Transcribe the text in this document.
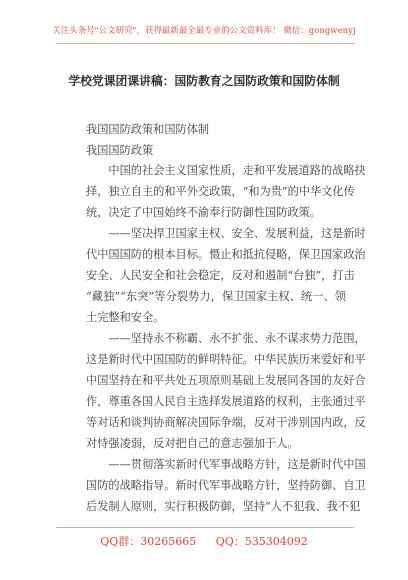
关注头条号"公文研究"，获得最新最全最专业的公文资料库！ 微信：gongwenyj
学校党课团课讲稿：国防教育之国防政策和国防体制
我国国防政策和国防体制
我国国防政策
　　中国的社会主义国家性质，走和平发展道路的战略抉
择，独立自主的和平外交政策，“和为贵”的中华文化传
统，决定了中国始终不渝奉行防御性国防政策。
　　——坚决捍卫国家主权、安全、发展利益，这是新时
代中国国防的根本目标。慑止和抵抗侵略，保卫国家政治
安全、人民安全和社会稳定，反对和遏制“台独”，打击
“藏独”“东突”等分裂势力，保卫国家主权、统一、领
土完整和安全。
　　——坚持永不称霸、永不扩张、永不谋求势力范围，
这是新时代中国国防的鲜明特征。中华民族历来爱好和平
中国坚持在和平共处五项原则基础上发展同各国的友好合
作，尊重各国人民自主选择发展道路的权利，主张通过平
等对话和谈判协商解决国际争端，反对干涉别国内政，反
对恃强凌弱，反对把自己的意志强加于人。
　　——贯彻落实新时代军事战略方针，这是新时代中国
国防的战略指导。新时代军事战略方针，坚持防御、自卫
后发制人原则，实行积极防御，坚持“人不犯我、我不犯
QQ群：30265665 QQ：535304092
